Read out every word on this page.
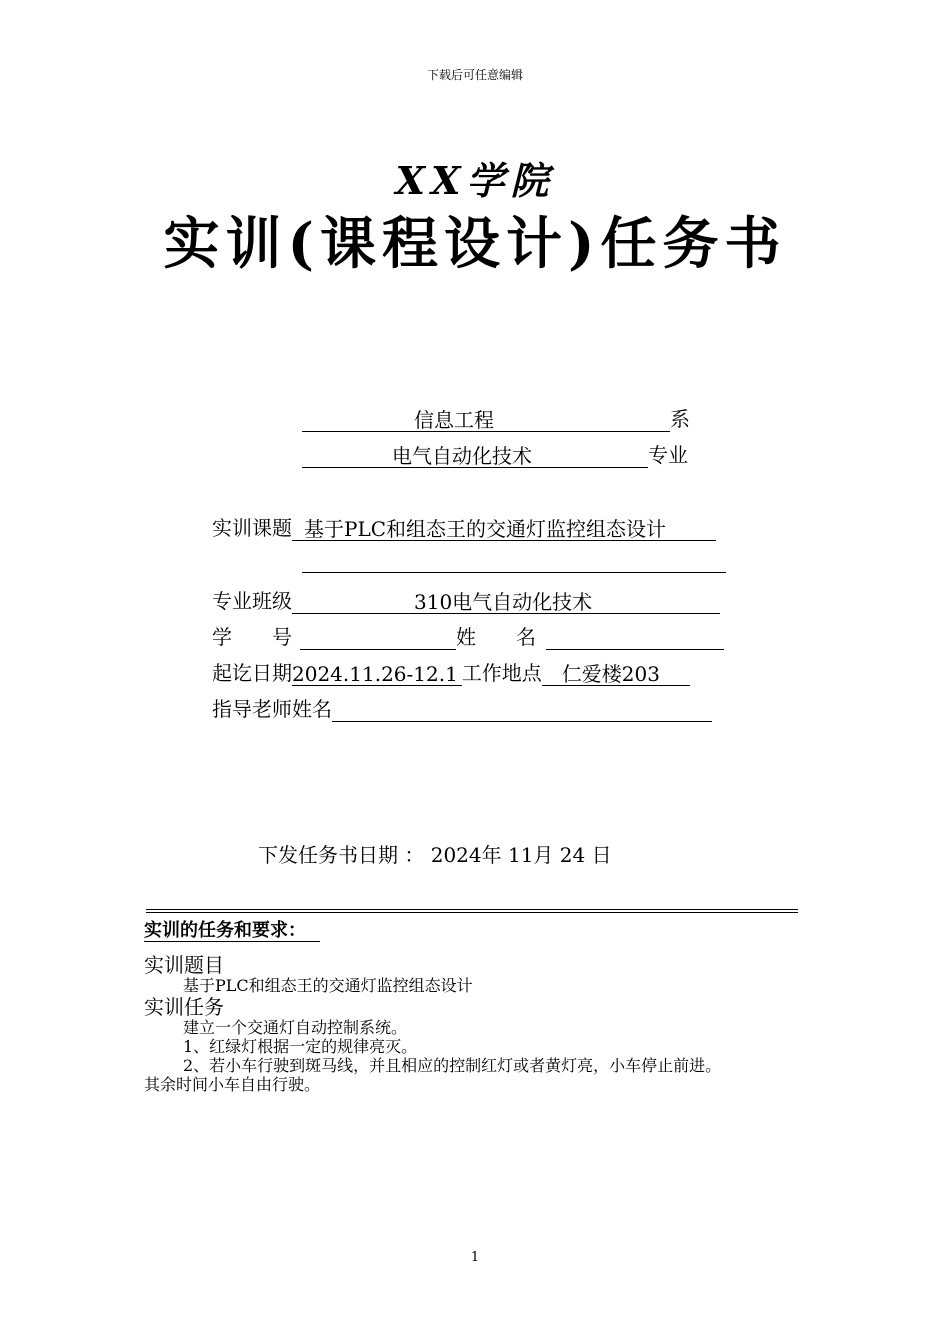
下载后可任意编辑
XX学院
实训(课程设计)任务书
信息工程	系
电气自动化技术	专业
实训课题 基于PLC和组态王的交通灯监控组态设计
专业班级	310电气自动化技术
学　　号	姓　　名
起讫日期2024.11.26-12.1 工作地点 仁爱楼203
指导老师姓名
下发任务书日期 ： 2024年 11月 24 日
实训的任务和要求：
实训题目
基于PLC和组态王的交通灯监控组态设计
实训任务
建立一个交通灯自动控制系统。
1、红绿灯根据一定的规律亮灭。
2、若小车行驶到斑马线，并且相应的控制红灯或者黄灯亮，小车停止前进。
其余时间小车自由行驶。
1
